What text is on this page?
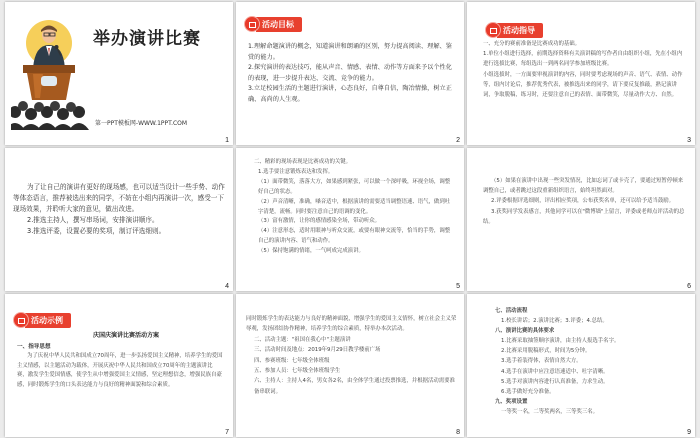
举办演讲比赛
第一PPT模板网-WWW.1PPT.COM
1
活动目标

1.理解命题演讲的概念，知道演讲和朗诵的区别，努力提高阅读、理解、鉴赏的能力。

2.探究演讲的表达技巧，能从声音、情感、表情、动作等方面来予以个性化的表现，进一步提升表达、交流、竞争的能力。

3.立足校园生活的主题进行演讲，心态良好，自尊自信，陶冶情操，树立正确、高尚的人生观。

2
活动指导

一、充分的赛前准备是比赛成功的基础。

1.单位小组进行选择，前期选择资料有关演讲稿的写作者自由组织小组，先在小组内进行选拔比赛，每组选出一到两名同学参加班级比赛。

小组选拔时，一方面要审视演讲的内容，同时要考虑现场的声音、语气、表情、动作等，组内讨论后，推荐优秀代表，被推选出来的同学，请下要反复推敲，熟记演讲词，争取脱稿，练习时，还要注意自己的表情、面带微笑，尽量动作大方、自然。

3

为了让自己的演讲有更好的现场感，也可以适当设计一些手势、动作等体态语言，推荐被选出来的同学，不妨在小组内再演讲一次，感受一下现场效果，并聆听大家的意见，做出改进。

2.推选主持人，撰写串场词，安排演讲顺序。

3.推选评委，设置必要的奖项，制订评选细则。

4

二、精彩的现场表现是比赛成功的关键。

1.选手要注意锻炼表达和发挥。

（1）面带微笑，落落大方，如果感到紧张，可以做一个深呼吸，环视全场，调整好自己的状态。

（2）声音清晰，准确，嗓音适中，根据演讲的需要适当调整语速、语气，做到吐字清楚，流畅。同时要注意自己的语调的变化。

（3）富有激情，让你的感情感染全场，带动听众。

（4）注意形态，适时用眼神与听众交流，或要有眼神交流等，恰当的手势，调整自己的演讲内容、语气和动作。

（5）保持饱满的情绪，一气呵成完成演讲。

5

（5）如果在演讲中出现一些突发情况，比如忘词了或卡壳了，要通过短暂停顿来调整自己，或者跳过这段重新组织语言，始终坦然面对。

2.评委根据评选细则，评出相应奖项，公布获奖名单，还可以给予适当鼓励。

3.获奖同学发表感言，其他同学可以在"微博墙"上留言，评委或老师点评活动的总结。

6
活动示例
庆国庆演讲比赛活动方案
一、指导思想

为了庆祝中华人民共和国成立70周年，进一步弘扬爱国主义精神，培养学生的爱国主义情感，以主题活动为载体，开展庆祝中华人民共和国成立70周年的主题演讲比赛，激发学生爱国情感，使学生从中增强爱国主义情感，坚定理想信念，增强民族自豪感，同时锻炼学生的口头表达能力与良好的精神面貌和综合素质。

7

同时锻炼学生的表达能力与良好的精神面貌，增强学生的爱国主义情怀，树立社会主义荣辱观，发扬团结协作精神，培养学生的综合素质，特举办本次活动。

二、活动主题："祖国在我心中"主题演讲

三、活动时间及地点：2019年9月29日教学楼前广场

四、参赛班级：七年级全体班级

五、参加人员：七年级全体班级学生

六、主持人：主持人4名，男女各2名，由全体学生通过投票推选，并根据活动需要准备串联词。

8

七、活动流程

1.校长讲话；2.演讲比赛；3.评委；4.总结。

八、演讲比赛的具体要求

1.比赛采取抽签顺序演讲，由主持人报选手名字。

2.比赛采用脱稿形式，时间为5分钟。

3.选手着装得体，表情自然大方。

4.选手在演讲中应注意语速适中、吐字清晰。

5.选手对演讲内容进行认真准备，力求生动。

6.选手做好充分准备。

九、奖项设置

一等奖一名，二等奖两名，三等奖三名。

9
